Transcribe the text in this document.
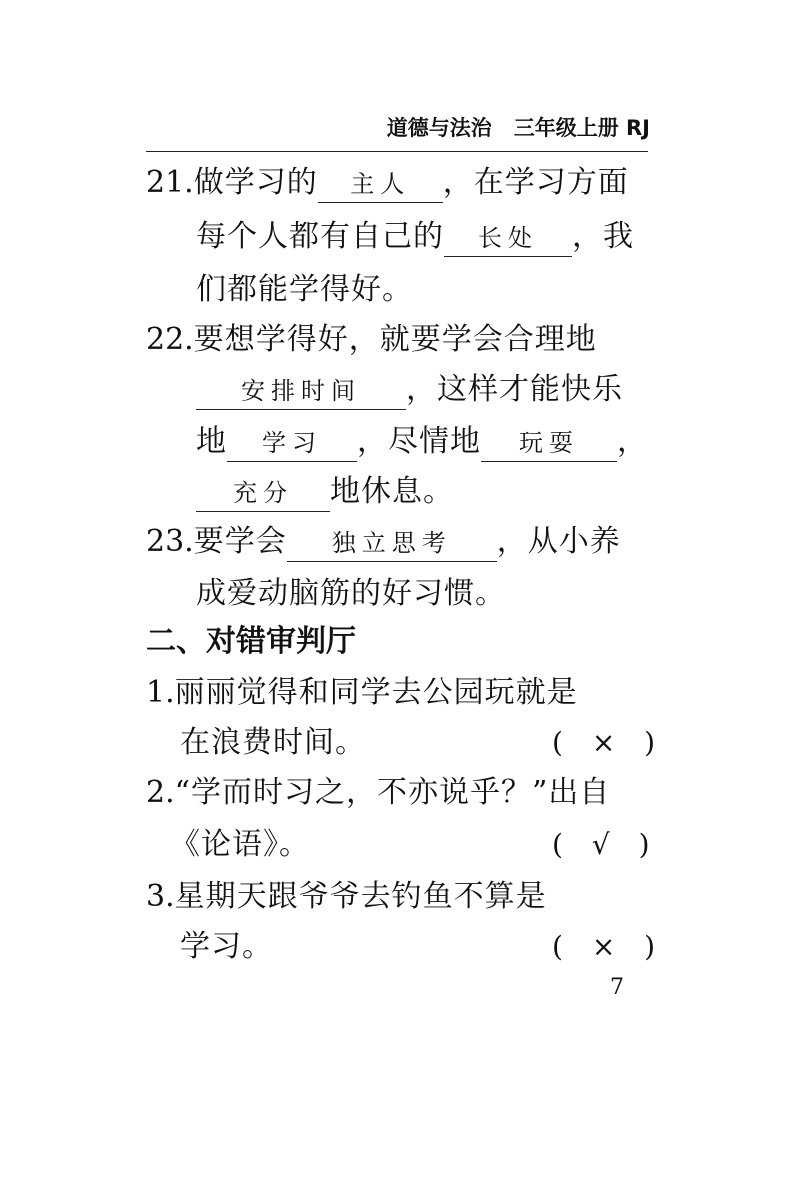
道德与法治 三年级上册 RJ
21.做学习的 主人 ，在学习方面
每个人都有自己的 长处 ，我
们都能学得好。
22.要想学得好，就要学会合理地
安排时间 ，这样才能快乐
地 学习 ，尽情地 玩耍 ，
充分 地休息。
23.要学会 独立思考 ，从小养
成爱动脑筋的好习惯。
二、对错审判厅
1.丽丽觉得和同学去公园玩就是
在浪费时间。	( × )
2.“学而时习之，不亦说乎？”出自
《论语》。	( √ )
3.星期天跟爷爷去钓鱼不算是
学习。	( × )
7
